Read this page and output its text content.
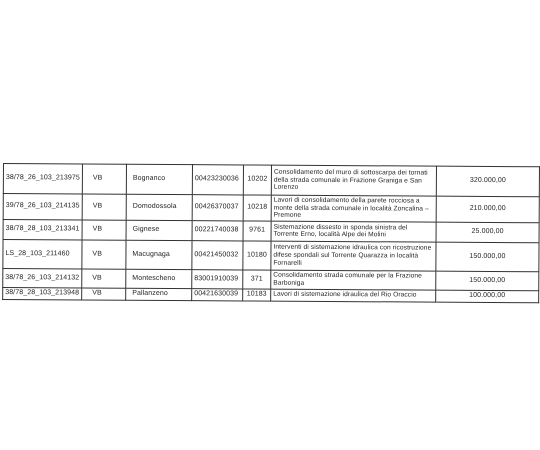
38/78_26_103_213975	VB	Bognanco	00423230036	10202	Consolidamento del muro di sottoscarpa dei tornati della strada comunale in Frazione Graniga e San Lorenzo	320.000,00
39/78_26_103_214135	VB	Domodossola	00426370037	10218	Lavori di consolidamento della parete rocciosa a monte della strada comunale in località Zoncalina – Premone	210.000,00
38/78_28_103_213341	VB	Gignese	00221740038	9761	Sistemazione dissesto in sponda sinistra del Torrente Erno, località Alpe dei Molini	25.000,00
LS_28_103_211460	VB	Macugnaga	00421450032	10180	Interventi di sistemazione idraulica con ricostruzione difese spondali sul Torrente Quarazza in località Fornarelli	150.000,00
38/78_26_103_214132	VB	Montescheno	83001910039	371	Consolidamento strada comunale per la Frazione Barboniga	150.000,00
38/78_28_103_213948	VB	Pallanzeno	00421630039	10183	Lavori di sistemazione idraulica del Rio Oraccio	100.000,00
